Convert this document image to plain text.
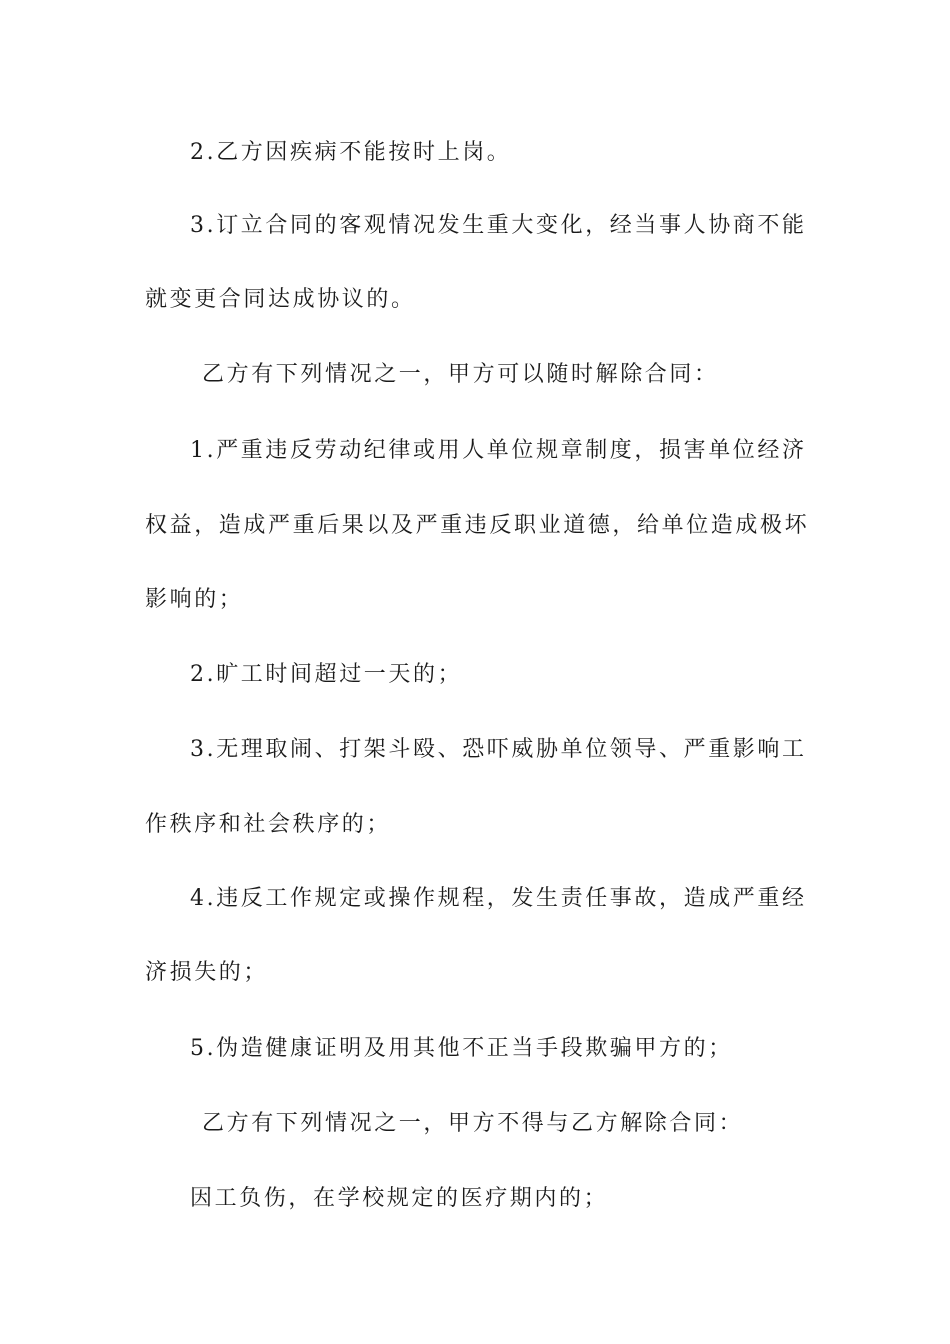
2.乙方因疾病不能按时上岗。
3.订立合同的客观情况发生重大变化，经当事人协商不能
就变更合同达成协议的。
乙方有下列情况之一，甲方可以随时解除合同：
1.严重违反劳动纪律或用人单位规章制度，损害单位经济
权益，造成严重后果以及严重违反职业道德，给单位造成极坏
影响的；
2.旷工时间超过一天的；
3.无理取闹、打架斗殴、恐吓威胁单位领导、严重影响工
作秩序和社会秩序的；
4.违反工作规定或操作规程，发生责任事故，造成严重经
济损失的；
5.伪造健康证明及用其他不正当手段欺骗甲方的；
乙方有下列情况之一，甲方不得与乙方解除合同：
因工负伤，在学校规定的医疗期内的；
